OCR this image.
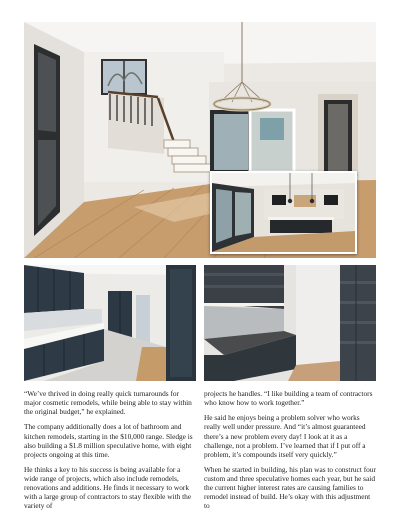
“We’ve thrived in doing really quick turnarounds for major cosmetic remodels, while being able to stay within the original budget,” he explained.

The company additionally does a lot of bathroom and kitchen remodels, starting in the $10,000 range. Sledge is also building a $1.8 million speculative home, with eight projects ongoing at this time.

He thinks a key to his success is being available for a wide range of projects, which also include remodels, renovations and additions. He finds it necessary to work with a large group of contractors to stay flexible with the variety of

projects he handles. “I like building a team of contractors who know how to work together.”

He said he enjoys being a problem solver who works really well under pressure. And “it’s almost guaranteed there’s a new problem every day! I look at it as a challenge, not a problem. I’ve learned that if I put off a problem, it’s compounds itself very quickly.”

When he started in building, his plan was to construct four custom and three speculative homes each year, but he said the current higher interest rates are causing families to remodel instead of build. He’s okay with this adjustment to
